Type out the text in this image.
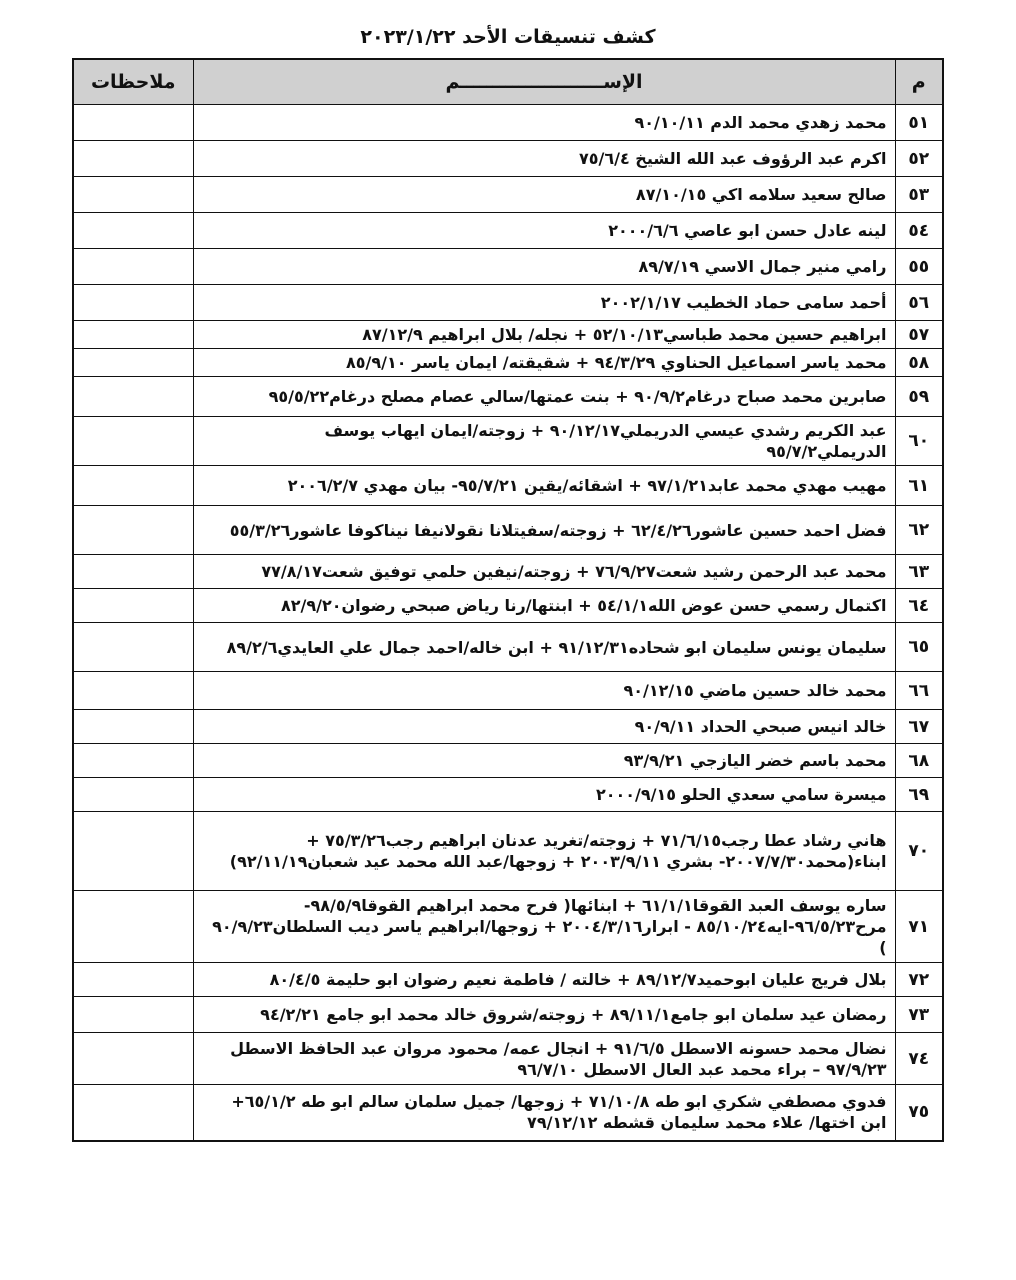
كشف تنسيقات الأحد ٢٠٢٣/١/٢٢
م	الإســــــــــــــــــــــم	ملاحظات
٥١	محمد زهدي محمد الدم ٩٠/١٠/١١	
٥٢	اكرم عبد الرؤوف عبد الله الشيخ ٧٥/٦/٤	
٥٣	صالح سعيد سلامه اكي ٨٧/١٠/١٥	
٥٤	لينه عادل حسن ابو عاصي ٢٠٠٠/٦/٦	
٥٥	رامي منير جمال الاسي ٨٩/٧/١٩	
٥٦	أحمد سامى حماد الخطيب ٢٠٠٢/١/١٧	
٥٧	ابراهيم حسين محمد طباسي٥٢/١٠/١٣ + نجله/ بلال ابراهيم ٨٧/١٢/٩	
٥٨	محمد ياسر اسماعيل الحناوي ٩٤/٣/٢٩ + شقيقته/ ايمان ياسر ٨٥/٩/١٠	
٥٩	صابرين محمد صباح درغام٩٠/٩/٢ + بنت عمتها/سالي عصام مصلح درغام٩٥/٥/٢٢	
٦٠	عبد الكريم رشدي عيسي الدريملي٩٠/١٢/١٧ + زوجته/ايمان ايهاب يوسف الدريملي٩٥/٧/٢	
٦١	مهيب مهدي محمد عابد٩٧/١/٢١ + اشقائه/يقين ٩٥/٧/٢١- بيان مهدي ٢٠٠٦/٢/٧	
٦٢	فضل احمد حسين عاشور٦٢/٤/٢٦ + زوجته/سفيتلانا نقولانيفا نيناكوفا عاشور٥٥/٣/٢٦	
٦٣	محمد عبد الرحمن رشيد شعت٧٦/٩/٢٧ + زوجته/نيفين حلمي توفيق شعت٧٧/٨/١٧	
٦٤	اكتمال رسمي حسن عوض الله٥٤/١/١ + ابنتها/رنا رياض صبحي رضوان٨٢/٩/٢٠	
٦٥	سليمان يونس سليمان ابو شحاده٩١/١٢/٣١ + ابن خاله/احمد جمال علي العايدي٨٩/٢/٦	
٦٦	محمد خالد حسين ماضي ٩٠/١٢/١٥	
٦٧	خالد انيس صبحي الحداد ٩٠/٩/١١	
٦٨	محمد باسم خضر اليازجي ٩٣/٩/٢١	
٦٩	ميسرة سامي سعدي الحلو ٢٠٠٠/٩/١٥	
٧٠	هاني رشاد عطا رجب٧١/٦/١٥ + زوجته/تغريد عدنان ابراهيم رجب٧٥/٣/٢٦ + ابناء(محمد٢٠٠٧/٧/٣٠- بشري ٢٠٠٣/٩/١١ + زوجها/عبد الله محمد عيد شعبان٩٢/١١/١٩)	
٧١	ساره يوسف العبد القوقا٦١/١/١ + ابنائها( فرح محمد ابراهيم القوقا٩٨/٥/٩- مرح٩٦/٥/٢٣-ايه٨٥/١٠/٢٤ - ابرار٢٠٠٤/٣/١٦ + زوجها/ابراهيم ياسر ديب السلطان٩٠/٩/٢٣ )	
٧٢	بلال فريج عليان ابوحميد٨٩/١٢/٧ + خالته / فاطمة نعيم رضوان ابو حليمة ٨٠/٤/٥	
٧٣	رمضان عيد سلمان ابو جامع٨٩/١١/١ + زوجته/شروق خالد محمد ابو جامع ٩٤/٢/٢١	
٧٤	نضال محمد حسونه الاسطل ٩١/٦/٥ + انجال عمه/ محمود مروان عبد الحافظ الاسطل ٩٧/٩/٢٣ – براء محمد عبد العال الاسطل ٩٦/٧/١٠	
٧٥	فدوي مصطفي شكري ابو طه ٧١/١٠/٨ + زوجها/ جميل سلمان سالم ابو طه ٦٥/١/٢+ ابن اختها/ علاء محمد سليمان قشطه ٧٩/١٢/١٢	
